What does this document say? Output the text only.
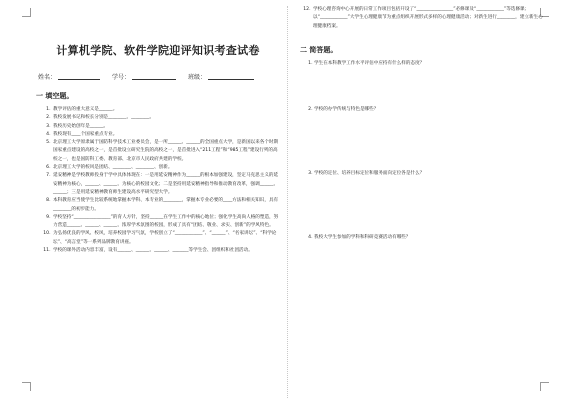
计算机学院、软件学院迎评知识考查试卷
姓名：	学号：	班级：
一 填空题。
1. 教学评估的重大意义是______。
2. 我校发展书记和校长分别是________、________。
3. 我校历史始创年是______。
4. 我校现有____个国家重点专业。
5. 北京理工大学原隶属于国防科学技术工业委员会，是一所______、______的全国重点大学，是新国以来各个时期国家重点建设的高校之一，是首批设立研究生院的高校之一，是首批进入“211工程”和“985工程”建设行列的高校之一，也是国防科工委、教育部、北京市人民政府共建的学校。
6. 北京理工大学的校风是团结、________、________、创新。
7. 延安精神是学校教师投身于学中具体体现在：一是用延安精神作为______的根本加强建设，坚定马克思主义的延安精神为核心，______、______、为核心的校园文化；二是坚持用延安精神指导和推动教育改革，强调______、______；三是用延安精神教育师生建设高水平研究型大学。
8. 本科教育应当使学生比较系统地掌握本学科、本专业的________，掌握本专业必要的____方法和相关知识，具有________的初步能力。
9. 学校坚持“________________”的育人方针，坚持______在学生工作中的核心地位；强化学生高尚人格的塑造，努力营造______、______、______、浓厚学术氛围的校园，形成了具有“团结、敬业、求实、创新”的学风特色。
10. 为弘扬优良的学风、校风，培养校园学习气氛，学校创立了“____________”、“______”、“名家讲坛”、“科学论坛”、“高言堂”等一系列品牌教育讲座。
11. 学校的课外活动内容丰富，设有______、______、______、_______等学生会、团组织和社团活动。
12. 学校心理咨询中心开展的日常工作项目包括开设了“________________”必修课及“____________”等选修课；以“____________”大学生心理健康节为重点组织开展形式多样的心理健康活动；对新生进行________，建立新生心理健康档案。
二 简答题。
1. 学生在本科教学工作水平评估中应持有什么样的态度？
2. 学校的办学传统与特色是哪些？
3. 学校的定位、培养目标定位和服务面向定位各是什么？
4. 我校大学生参加的学科和科研竞赛活动有哪些？
